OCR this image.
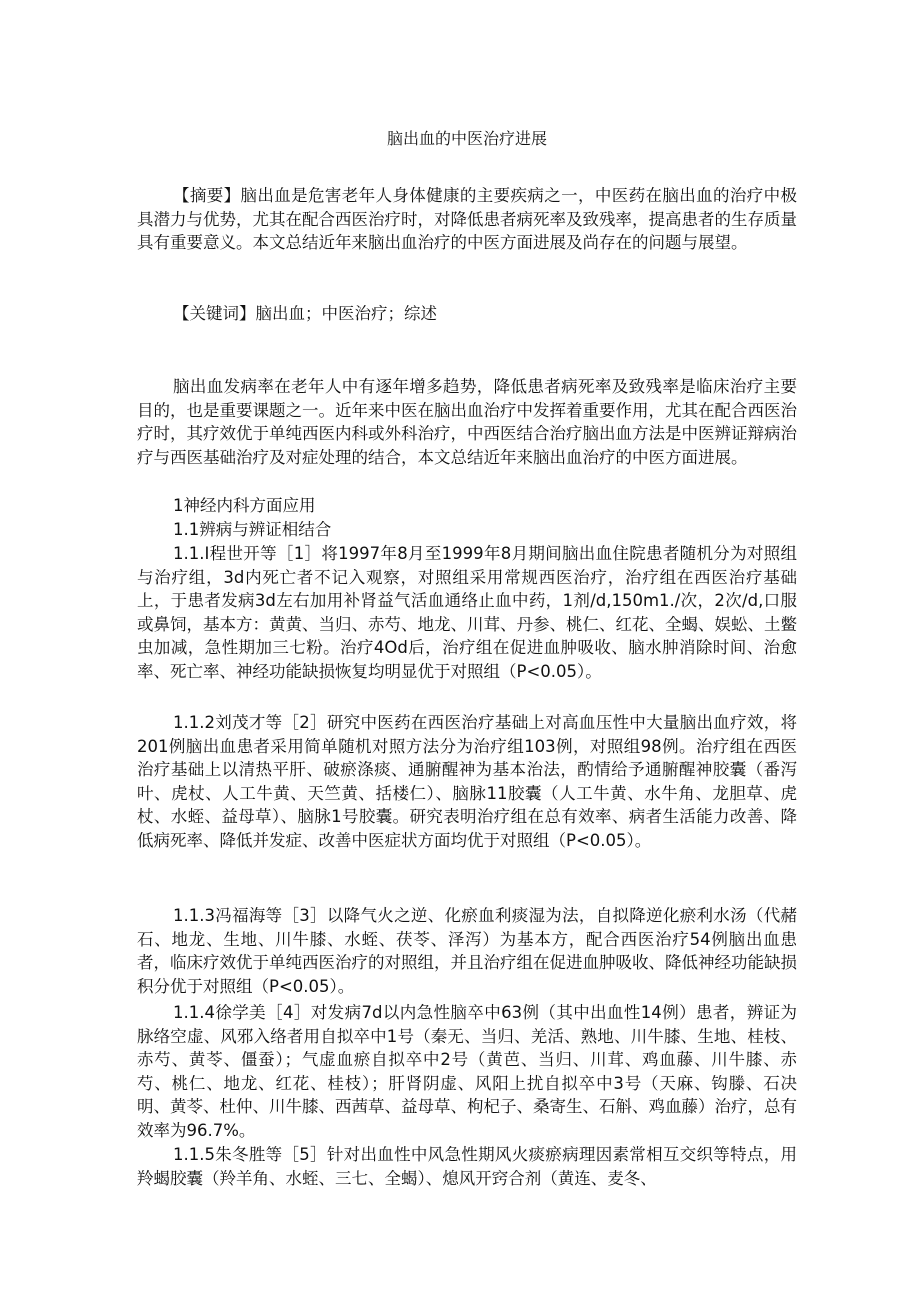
脑出血的中医治疗进展

【摘要】脑出血是危害老年人身体健康的主要疾病之一，中医药在脑出血的治疗中极具潜力与优势，尤其在配合西医治疗时，对降低患者病死率及致残率，提高患者的生存质量具有重要意义。本文总结近年来脑出血治疗的中医方面进展及尚存在的问题与展望。

【关键词】脑出血；中医治疗；综述

脑出血发病率在老年人中有逐年增多趋势，降低患者病死率及致残率是临床治疗主要目的，也是重要课题之一。近年来中医在脑出血治疗中发挥着重要作用，尤其在配合西医治疗时，其疗效优于单纯西医内科或外科治疗，中西医结合治疗脑出血方法是中医辨证辩病治疗与西医基础治疗及对症处理的结合，本文总结近年来脑出血治疗的中医方面进展。

1神经内科方面应用

1.1辨病与辨证相结合

1.1.I程世开等［1］将1997年8月至1999年8月期间脑出血住院患者随机分为对照组与治疗组，3d内死亡者不记入观察，对照组采用常规西医治疗，治疗组在西医治疗基础上，于患者发病3d左右加用补肾益气活血通络止血中药，1剂/d,150m1./次，2次/d,口服或鼻饲，基本方：黄黄、当归、赤芍、地龙、川茸、丹参、桃仁、红花、全蝎、娱蚣、土鳖虫加减，急性期加三七粉。治疗4Od后，治疗组在促进血肿吸收、脑水肿消除时间、治愈率、死亡率、神经功能缺损恢复均明显优于对照组（P<0.05）。

1.1.2刘茂才等［2］研究中医药在西医治疗基础上对高血压性中大量脑出血疗效，将201例脑出血患者采用简单随机对照方法分为治疗组103例，对照组98例。治疗组在西医治疗基础上以清热平肝、破瘀涤痰、通腑醒神为基本治法，酌情给予通腑醒神胶囊（番泻叶、虎杖、人工牛黄、天竺黄、括楼仁）、脑脉11胶囊（人工牛黄、水牛角、龙胆草、虎杖、水蛭、益母草）、脑脉1号胶囊。研究表明治疗组在总有效率、病者生活能力改善、降低病死率、降低并发症、改善中医症状方面均优于对照组（P<0.05）。

1.1.3冯福海等［3］以降气火之逆、化瘀血利痰湿为法，自拟降逆化瘀利水汤（代赭石、地龙、生地、川牛膝、水蛭、茯苓、泽泻）为基本方，配合西医治疗54例脑出血患者，临床疗效优于单纯西医治疗的对照组，并且治疗组在促进血肿吸收、降低神经功能缺损积分优于对照组（P<0.05）。

1.1.4徐学美［4］对发病7d以内急性脑卒中63例（其中出血性14例）患者，辨证为脉络空虚、风邪入络者用自拟卒中1号（秦无、当归、羌活、熟地、川牛膝、生地、桂枝、赤芍、黄苓、僵蚕）；气虚血瘀自拟卒中2号（黄芭、当归、川茸、鸡血藤、川牛膝、赤芍、桃仁、地龙、红花、桂枝）；肝肾阴虚、风阳上扰自拟卒中3号（天麻、钩滕、石决明、黄苓、杜仲、川牛膝、西茜草、益母草、枸杞子、桑寄生、石斛、鸡血藤）治疗，总有效率为96.7%。

1.1.5朱冬胜等［5］针对出血性中风急性期风火痰瘀病理因素常相互交织等特点，用羚蝎胶囊（羚羊角、水蛭、三七、全蝎）、熄风开窍合剂（黄连、麦冬、
